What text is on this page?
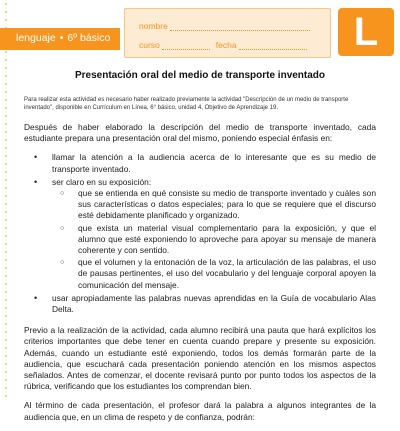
lenguaje • 6º básico
nombre
curso	fecha	L
Presentación oral del medio de transporte inventado
Para realizar esta actividad es necesario haber realizado previamente la actividad "Descripción de un medio de transporte inventado", disponible en Currículum en Línea, 6° básico, unidad 4, Objetivo de Aprendizaje 19.

Después de haber elaborado la descripción del medio de transporte inventado, cada estudiante prepara una presentación oral del mismo, poniendo especial énfasis en:

• llamar la atención a la audiencia acerca de lo interesante que es su medio de transporte inventado.
• ser claro en su exposición:
○ que se entienda en qué consiste su medio de transporte inventado y cuáles son sus características o datos especiales; para lo que se requiere que el discurso esté debidamente planificado y organizado.
○ que exista un material visual complementario para la exposición, y que el alumno que esté exponiendo lo aproveche para apoyar su mensaje de manera coherente y con sentido.
○ que el volumen y la entonación de la voz, la articulación de las palabras, el uso de pausas pertinentes, el uso del vocabulario y del lenguaje corporal apoyen la comunicación del mensaje.
• usar apropiadamente las palabras nuevas aprendidas en la Guía de vocabulario Alas Delta.

Previo a la realización de la actividad, cada alumno recibirá una pauta que hará explícitos los criterios importantes que debe tener en cuenta cuando prepare y presente su exposición. Además, cuando un estudiante esté exponiendo, todos los demás formarán parte de la audiencia, que escuchará cada presentación poniendo atención en los mismos aspectos señalados. Antes de comenzar, el docente revisará punto por punto todos los aspectos de la rúbrica, verificando que los estudiantes los comprendan bien.

Al término de cada presentación, el profesor dará la palabra a algunos integrantes de la audiencia que, en un clima de respeto y de confianza, podrán:
